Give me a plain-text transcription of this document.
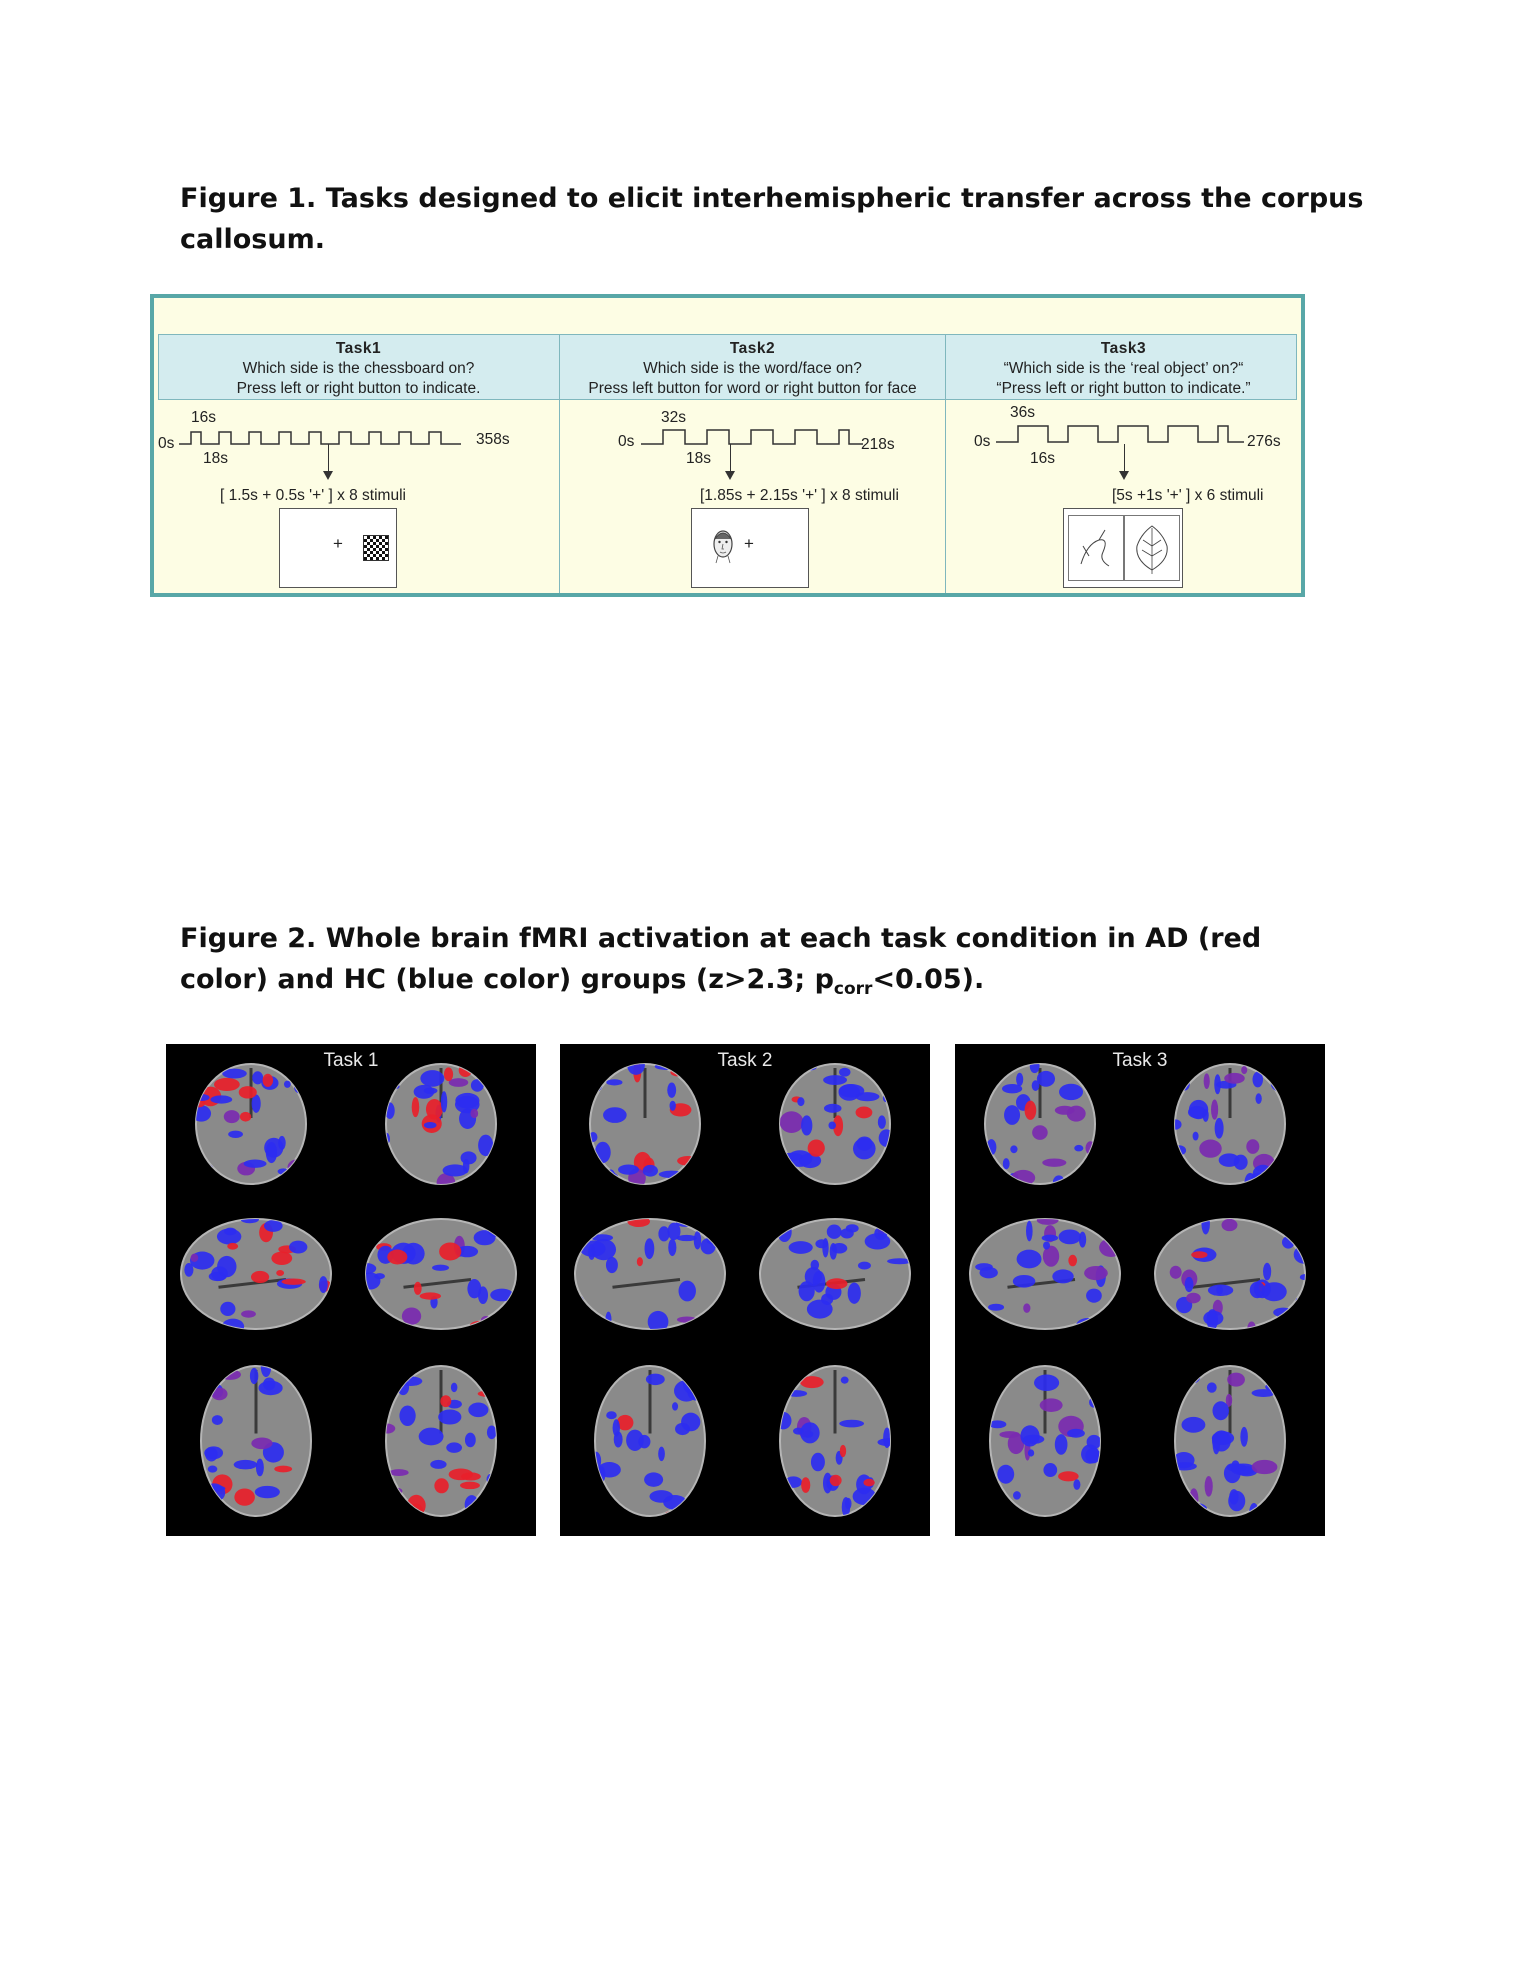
Figure 1. Tasks designed to elicit interhemispheric transfer across the corpus callosum.
Task1
Which side is the chessboard on?
Press left or right button to indicate.
0s
16s
18s
358s
[ 1.5s + 0.5s '+' ] x 8 stimuli
+
Task2
Which side is the word/face on?
Press left button for word or right button for face
0s
32s
18s
218s
[1.85s + 2.15s '+' ] x 8 stimuli
+
Task3
“Which side is the ‘real object’ on?“
“Press left or right button to indicate.”
0s
36s
16s
276s
[5s +1s '+' ] x 6 stimuli
Figure 2. Whole brain fMRI activation at each task condition in AD (red color) and HC (blue color) groups (z>2.3; $p_{corr}<0.05$).
Task 1	Task 2	Task 3
